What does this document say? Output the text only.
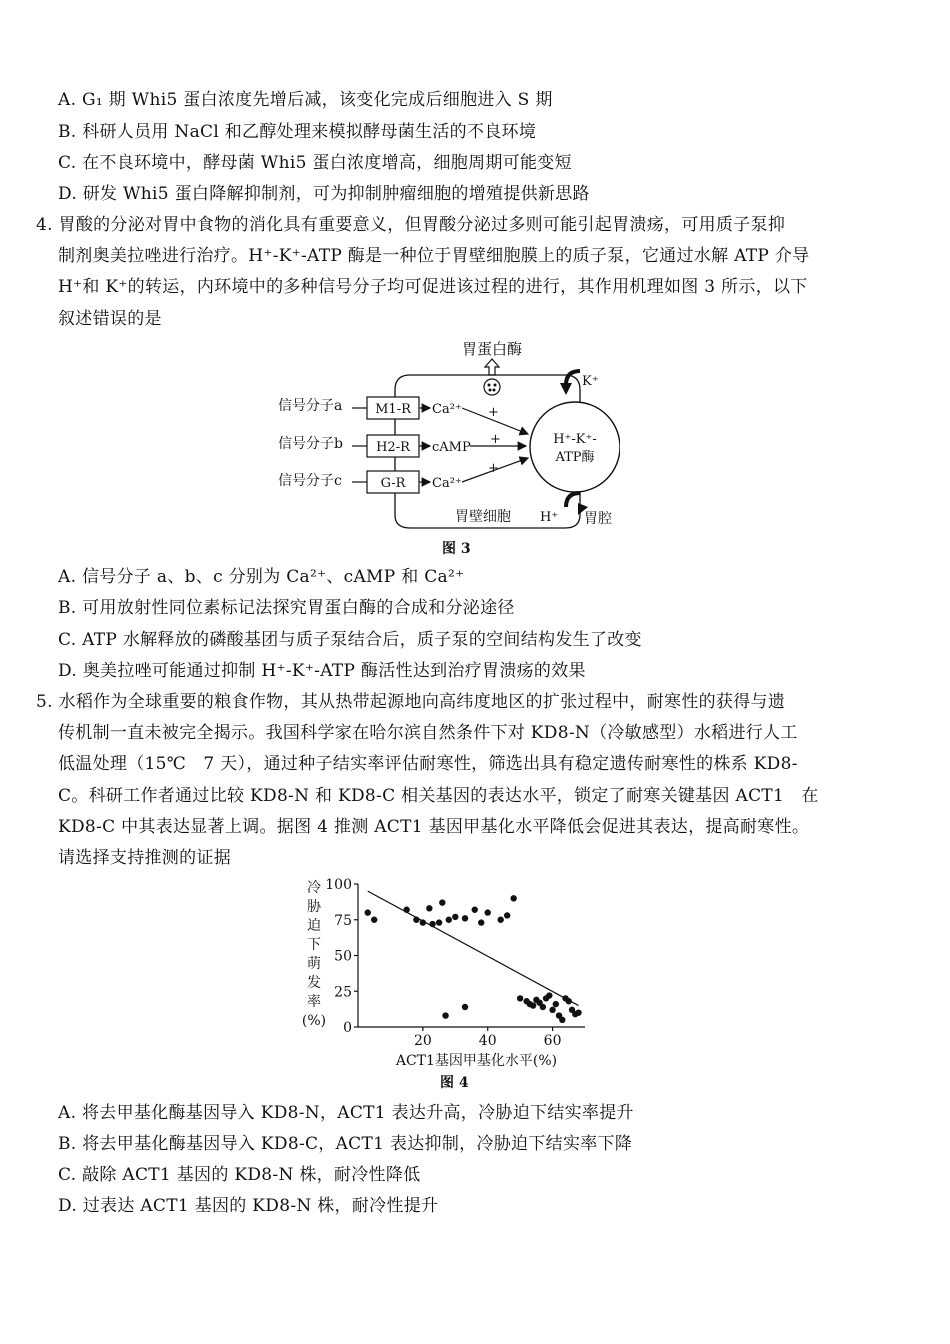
A. G₁ 期 Whi5 蛋白浓度先增后减，该变化完成后细胞进入 S 期
B. 科研人员用 NaCl 和乙醇处理来模拟酵母菌生活的不良环境
C. 在不良环境中，酵母菌 Whi5 蛋白浓度增高，细胞周期可能变短
D. 研发 Whi5 蛋白降解抑制剂，可为抑制肿瘤细胞的增殖提供新思路
4. 胃酸的分泌对胃中食物的消化具有重要意义，但胃酸分泌过多则可能引起胃溃疡，可用质子泵抑
制剂奥美拉唑进行治疗。H⁺-K⁺-ATP 酶是一种位于胃壁细胞膜上的质子泵，它通过水解 ATP 介导
H⁺和 K⁺的转运，内环境中的多种信号分子均可促进该过程的进行，其作用机理如图 3 所示，以下
叙述错误的是
胃蛋白酶
M1-R
H2-R
G-R
信号分子a
信号分子b
信号分子c
Ca²⁺
cAMP
Ca²⁺
+
+
+
H⁺-K⁺-
ATP酶
K⁺
H⁺ 胃腔
胃壁细胞
图 3
A. 信号分子 a、b、c 分别为 Ca²⁺、cAMP 和 Ca²⁺
B. 可用放射性同位素标记法探究胃蛋白酶的合成和分泌途径
C. ATP 水解释放的磷酸基团与质子泵结合后，质子泵的空间结构发生了改变
D. 奥美拉唑可能通过抑制 H⁺-K⁺-ATP 酶活性达到治疗胃溃疡的效果
5. 水稻作为全球重要的粮食作物，其从热带起源地向高纬度地区的扩张过程中，耐寒性的获得与遗
传机制一直未被完全揭示。我国科学家在哈尔滨自然条件下对 KD8-N（冷敏感型）水稻进行人工
低温处理（15℃　7 天），通过种子结实率评估耐寒性，筛选出具有稳定遗传耐寒性的株系 KD8-
C。科研工作者通过比较 KD8-N 和 KD8-C 相关基因的表达水平，锁定了耐寒关键基因 ACT1　在
KD8-C 中其表达显著上调。据图 4 推测 ACT1 基因甲基化水平降低会促进其表达，提高耐寒性。
请选择支持推测的证据
冷
胁
迫
下
萌
发
率
(%) 0
25
50
75
100
20	40	60
ACT1基因甲基化水平(%)
图 4
A. 将去甲基化酶基因导入 KD8-N，ACT1 表达升高，冷胁迫下结实率提升
B. 将去甲基化酶基因导入 KD8-C，ACT1 表达抑制，冷胁迫下结实率下降
C. 敲除 ACT1 基因的 KD8-N 株，耐冷性降低
D. 过表达 ACT1 基因的 KD8-N 株，耐冷性提升
